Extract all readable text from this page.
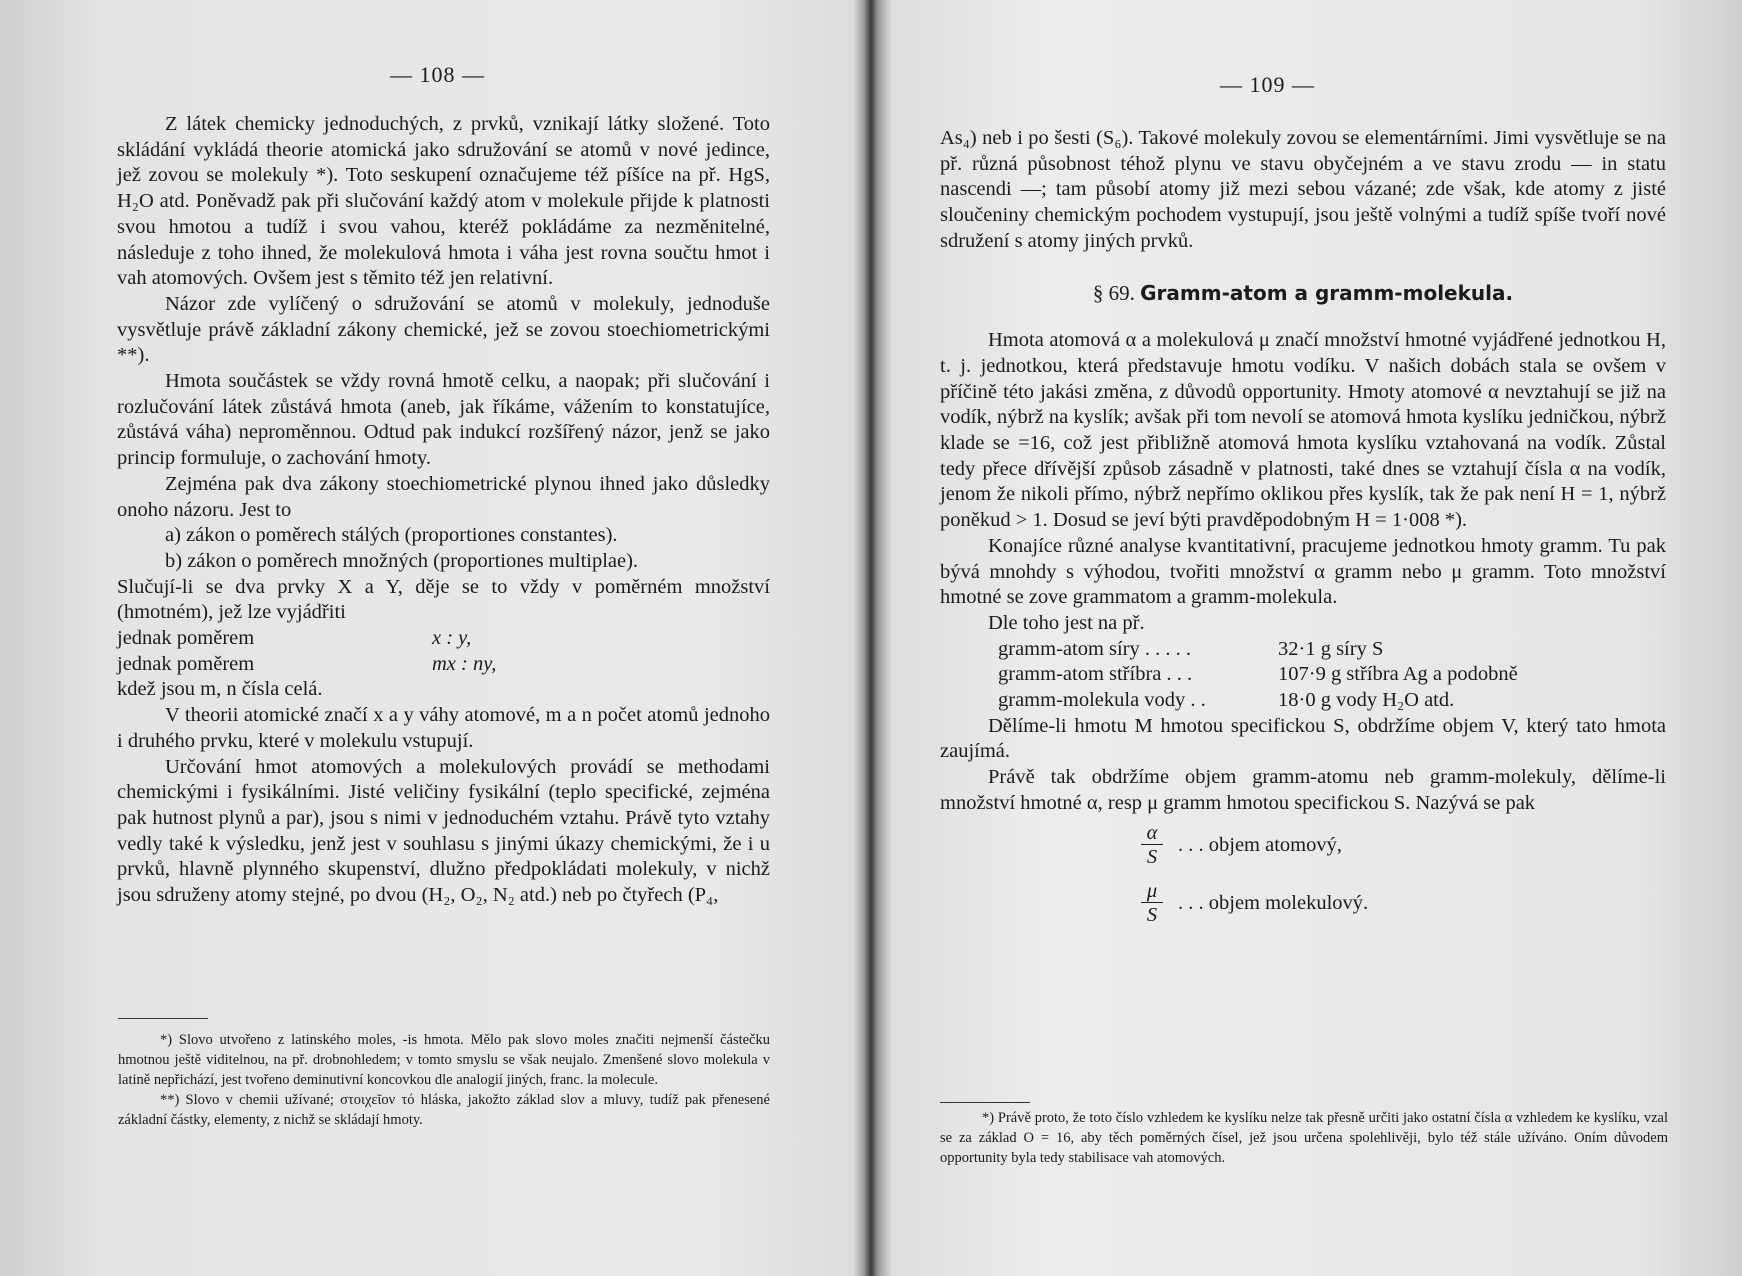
— 108 —

Z látek chemicky jednoduchých, z prvků, vznikají látky složené. Toto skládání vykládá theorie atomická jako sdružování se atomů v nové jedince, jež zovou se molekuly *). Toto seskupení označujeme též píšíce na př. HgS, H₂O atd. Poněvadž pak při slučování každý atom v molekule přijde k platnosti svou hmotou a tudíž i svou vahou, kteréž pokládáme za nezměnitelné, následuje z toho ihned, že molekulová hmota i váha jest rovna součtu hmot i vah atomových. Ovšem jest s těmito též jen relativní.

Názor zde vylíčený o sdružování se atomů v molekuly, jednoduše vysvětluje právě základní zákony chemické, jež se zovou stoechiometrickými **).

Hmota součástek se vždy rovná hmotě celku, a naopak; při slučování i rozlučování látek zůstává hmota (aneb, jak říkáme, vážením to konstatujíce, zůstává váha) neproměnnou. Odtud pak indukcí rozšířený názor, jenž se jako princip formuluje, o zachování hmoty.

Zejména pak dva zákony stoechiometrické plynou ihned jako důsledky onoho názoru. Jest to

a) zákon o poměrech stálých (proportiones constantes).

b) zákon o poměrech množných (proportiones multiplae).

Slučují-li se dva prvky X a Y, děje se to vždy v poměrném množství (hmotném), jež lze vyjádřiti

jednak poměrem	x : y,
jednak poměrem	mx : ny,

kdež jsou m, n čísla celá.

V theorii atomické značí x a y váhy atomové, m a n počet atomů jednoho i druhého prvku, které v molekulu vstupují.

Určování hmot atomových a molekulových provádí se methodami chemickými i fysikálními. Jisté veličiny fysikální (teplo specifické, zejména pak hutnost plynů a par), jsou s nimi v jednoduchém vztahu. Právě tyto vztahy vedly také k výsledku, jenž jest v souhlasu s jinými úkazy chemickými, že i u prvků, hlavně plynného skupenství, dlužno předpokládati molekuly, v nichž jsou sdruženy atomy stejné, po dvou (H₂, O₂, N₂ atd.) neb po čtyřech (P₄,

*) Slovo utvořeno z latinského moles, -is hmota. Mělo pak slovo moles značiti nejmenší částečku hmotnou ještě viditelnou, na př. drobnohledem; v tomto smyslu se však neujalo. Zmenšené slovo molekula v latině nepřichází, jest tvořeno deminutivní koncovkou dle analogií jiných, franc. la molecule.

**) Slovo v chemii užívané; στοιχεῖον τό hláska, jakožto základ slov a mluvy, tudíž pak přenesené základní částky, elementy, z nichž se skládají hmoty.

— 109 —

As₄) neb i po šesti (S₆). Takové molekuly zovou se elementárními. Jimi vysvětluje se na př. různá působnost téhož plynu ve stavu obyčejném a ve stavu zrodu — in statu nascendi —; tam působí atomy již mezi sebou vázané; zde však, kde atomy z jisté sloučeniny chemickým pochodem vystupují, jsou ještě volnými a tudíž spíše tvoří nové sdružení s atomy jiných prvků.

§ 69. Gramm-atom a gramm-molekula.

Hmota atomová α a molekulová μ značí množství hmotné vyjádřené jednotkou H, t. j. jednotkou, která představuje hmotu vodíku. V našich dobách stala se ovšem v příčině této jakási změna, z důvodů opportunity. Hmoty atomové α nevztahují se již na vodík, nýbrž na kyslík; avšak při tom nevolí se atomová hmota kyslíku jedničkou, nýbrž klade se =16, což jest přibližně atomová hmota kyslíku vztahovaná na vodík. Zůstal tedy přece dřívější způsob zásadně v platnosti, také dnes se vztahují čísla α na vodík, jenom že nikoli přímo, nýbrž nepřímo oklikou přes kyslík, tak že pak není H = 1, nýbrž poněkud > 1. Dosud se jeví býti pravděpodobným H = 1·008 *).

Konajíce různé analyse kvantitativní, pracujeme jednotkou hmoty gramm. Tu pak bývá mnohdy s výhodou, tvořiti množství α gramm nebo μ gramm. Toto množství hmotné se zove grammatom a gramm-molekula.

Dle toho jest na př.

gramm-atom síry . . . . .	32·1 g síry S
gramm-atom stříbra . . .	107·9 g stříbra Ag a podobně
gramm-molekula vody . .	18·0 g vody H₂O atd.

Dělíme-li hmotu M hmotou specifickou S, obdržíme objem V, který tato hmota zaujímá.

Právě tak obdržíme objem gramm-atomu neb gramm-molekuly, dělíme-li množství hmotné α, resp μ gramm hmotou specifickou S. Nazývá se pak

$\frac{\alpha}{S}$ . . . objem atomový,
$\frac{\mu}{S}$ . . . objem molekulový.

*) Právě proto, že toto číslo vzhledem ke kyslíku nelze tak přesně určiti jako ostatní čísla α vzhledem ke kyslíku, vzal se za základ O = 16, aby těch poměrných čísel, jež jsou určena spolehlivěji, bylo též stále užíváno. Oním důvodem opportunity byla tedy stabilisace vah atomových.
